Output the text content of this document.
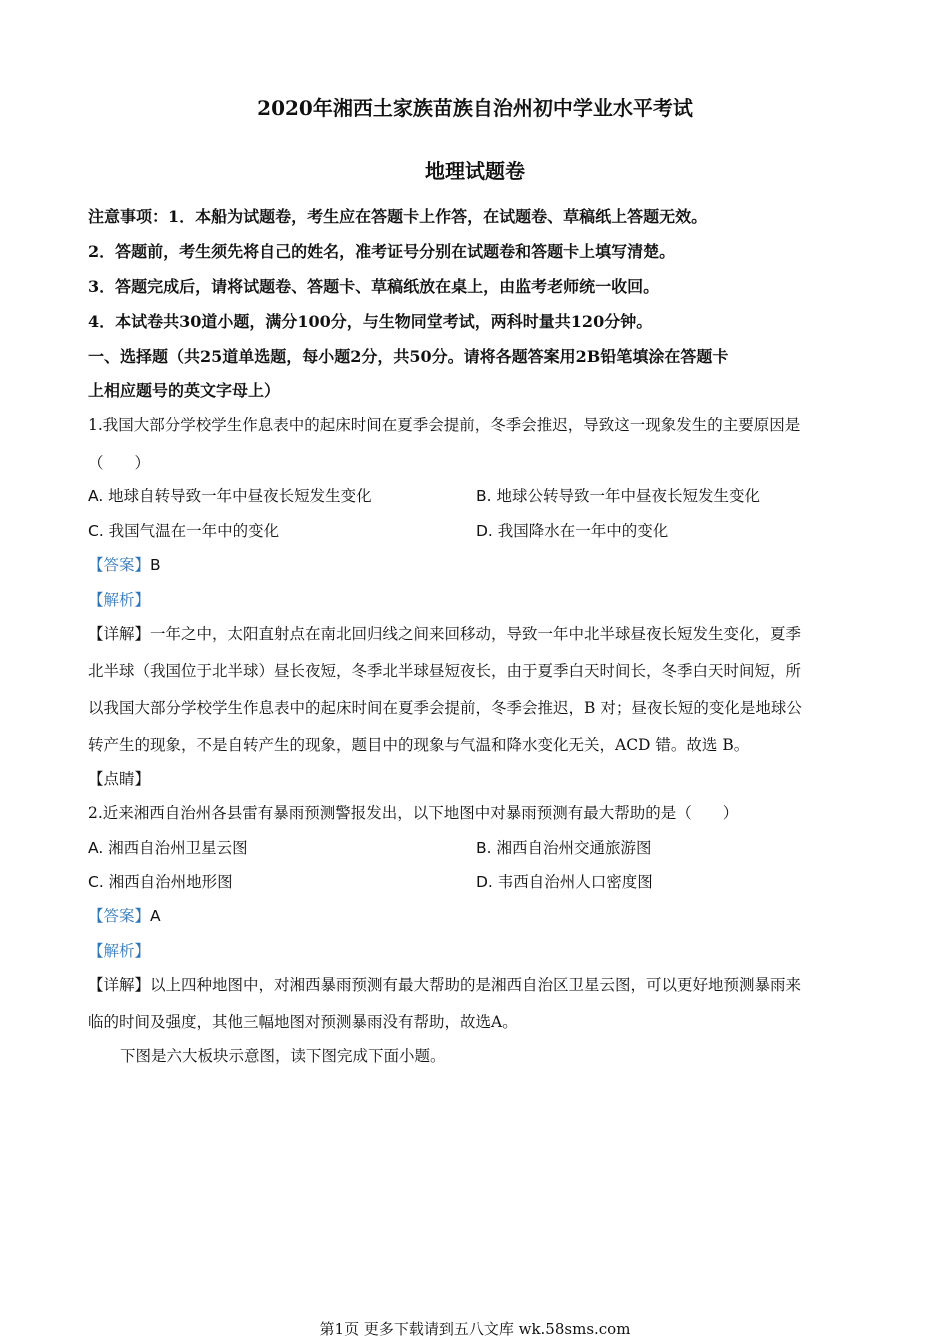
2020年湘西土家族苗族自治州初中学业水平考试
地理试题卷
注意事项：1．本船为试题卷，考生应在答题卡上作答，在试题卷、草稿纸上答题无效。
2．答题前，考生须先将自己的姓名，准考证号分别在试题卷和答题卡上填写清楚。
3．答题完成后，请将试题卷、答题卡、草稿纸放在桌上，由监考老师统一收回。
4．本试卷共30道小题，满分100分，与生物同堂考试，两科时量共120分钟。
一、选择题（共25道单选题，每小题2分，共50分。请将各题答案用2B铅笔填涂在答题卡
上相应题号的英文字母上）
1.我国大部分学校学生作息表中的起床时间在夏季会提前，冬季会推迟，导致这一现象发生的主要原因是
（　　）
A. 地球自转导致一年中昼夜长短发生变化	B. 地球公转导致一年中昼夜长短发生变化
C. 我国气温在一年中的变化	D. 我国降水在一年中的变化
【答案】B
【解析】
【详解】一年之中，太阳直射点在南北回归线之间来回移动，导致一年中北半球昼夜长短发生变化，夏季
北半球（我国位于北半球）昼长夜短，冬季北半球昼短夜长，由于夏季白天时间长，冬季白天时间短，所
以我国大部分学校学生作息表中的起床时间在夏季会提前，冬季会推迟，B 对；昼夜长短的变化是地球公
转产生的现象，不是自转产生的现象，题目中的现象与气温和降水变化无关，ACD 错。故选 B。
【点睛】
2.近来湘西自治州各县雷有暴雨预测警报发出，以下地图中对暴雨预测有最大帮助的是（　　）
A. 湘西自治州卫星云图	B. 湘西自治州交通旅游图
C. 湘西自治州地形图	D. 韦西自治州人口密度图
【答案】A
【解析】
【详解】以上四种地图中，对湘西暴雨预测有最大帮助的是湘西自治区卫星云图，可以更好地预测暴雨来
临的时间及强度，其他三幅地图对预测暴雨没有帮助，故选A。
下图是六大板块示意图，读下图完成下面小题。
第1页 更多下载请到五八文库 wk.58sms.com
